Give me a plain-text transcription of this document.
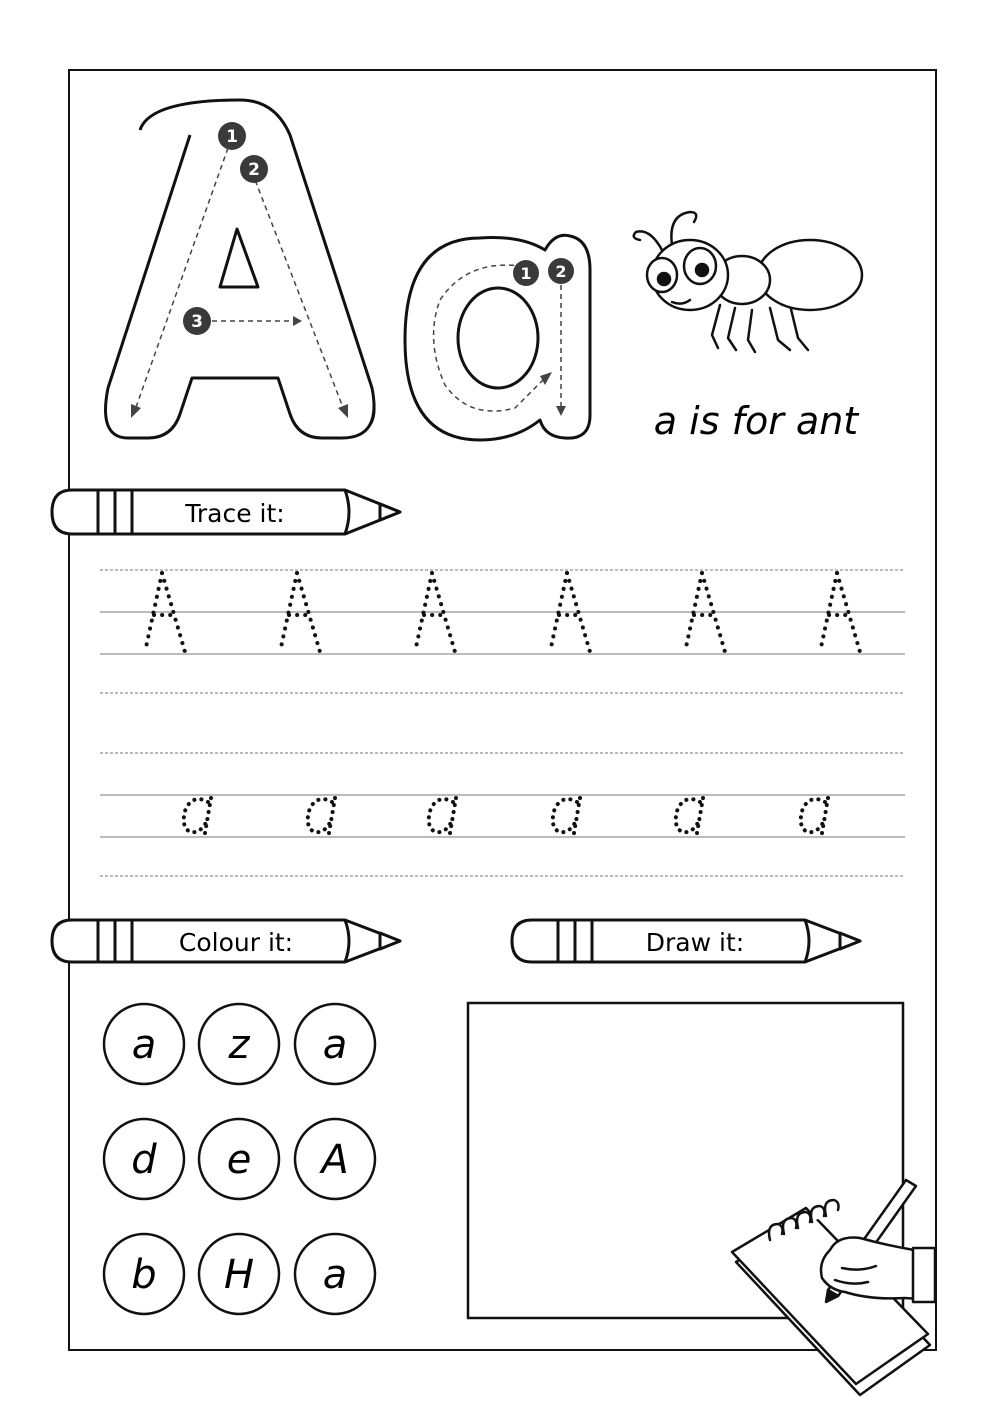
1
2
3
1 2
a is for ant
Trace it:
Colour it:	Draw it:
a z a
d e A
b H a
